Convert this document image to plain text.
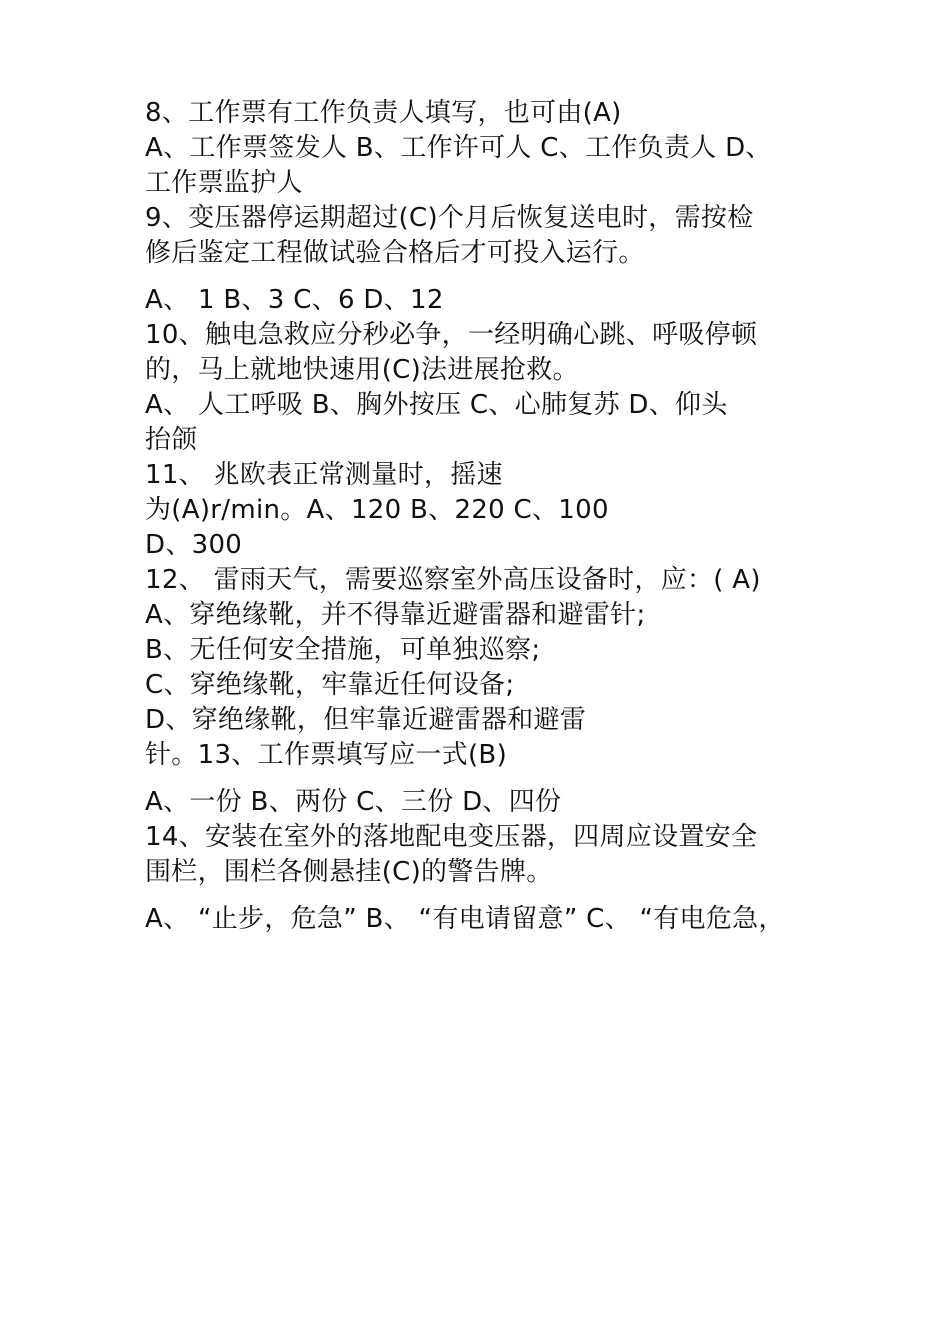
8、工作票有工作负责人填写，也可由(A)
A、工作票签发人 B、工作许可人 C、工作负责人 D、
工作票监护人
9、变压器停运期超过(C)个月后恢复送电时，需按检
修后鉴定工程做试验合格后才可投入运行。
A、 1 B、3 C、6 D、12
10、触电急救应分秒必争，一经明确心跳、呼吸停顿
的，马上就地快速用(C)法进展抢救。
A、 人工呼吸 B、胸外按压 C、心肺复苏 D、仰头
抬颌
11、 兆欧表正常测量时，摇速
为(A)r/min。A、120 B、220 C、100
D、300
12、 雷雨天气，需要巡察室外高压设备时，应：( A)
A、穿绝缘靴，并不得靠近避雷器和避雷针;
B、无任何安全措施，可单独巡察;
C、穿绝缘靴，牢靠近任何设备;
D、穿绝缘靴，但牢靠近避雷器和避雷
针。13、工作票填写应一式(B)
A、一份 B、两份 C、三份 D、四份
14、安装在室外的落地配电变压器，四周应设置安全
围栏，围栏各侧悬挂(C)的警告牌。
A、 “止步，危急” B、 “有电请留意” C、 “有电危急，
